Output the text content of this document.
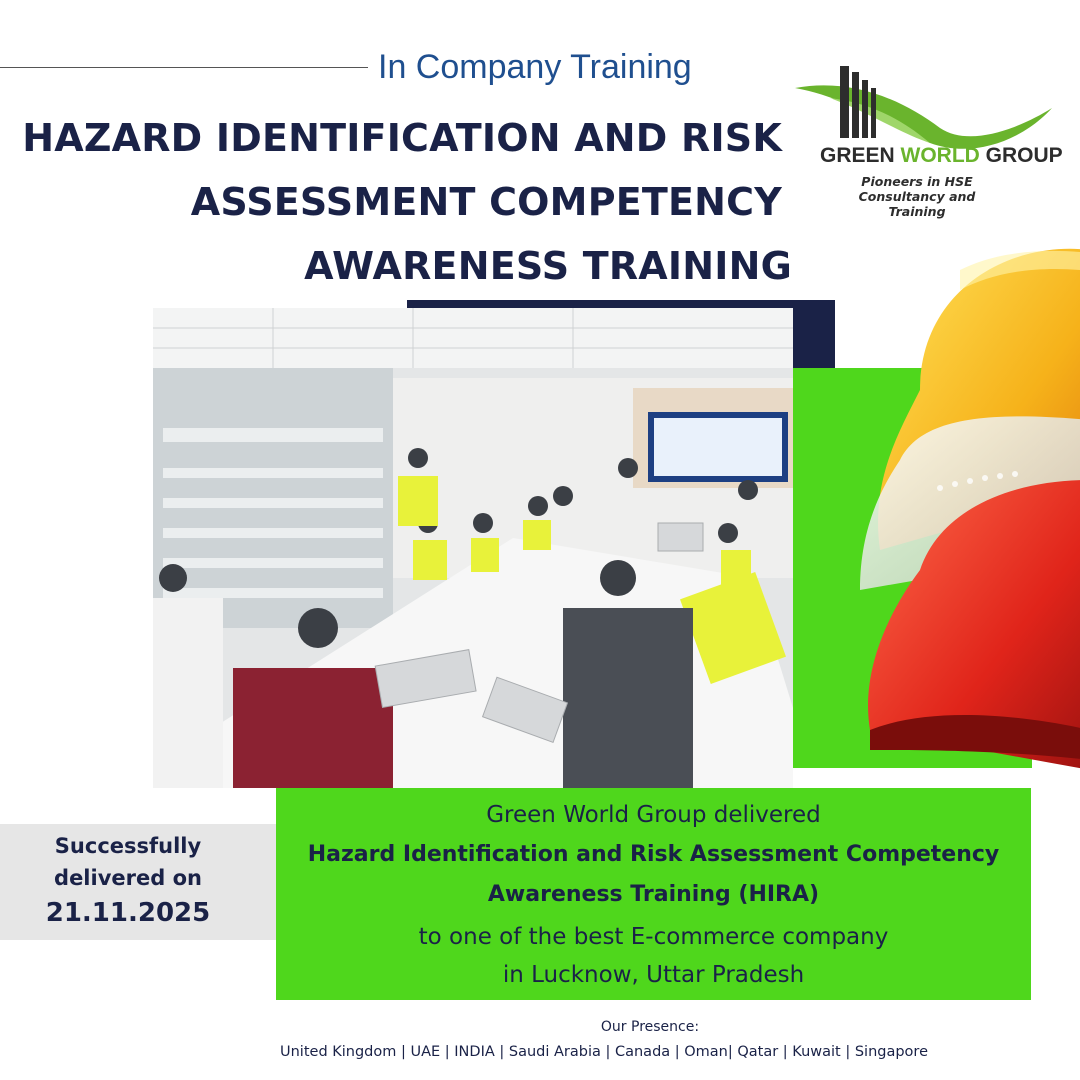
In Company Training
HAZARD IDENTIFICATION AND RISK
ASSESSMENT COMPETENCY
AWARENESS TRAINING
GREEN WORLD GROUP
Pioneers in HSE Consultancy and Training
Green World Group delivered
Hazard Identification and Risk Assessment Competency
Awareness Training (HIRA)
to one of the best E-commerce company
in Lucknow, Uttar Pradesh
Successfully
delivered on
21.11.2025
Our Presence:
United Kingdom | UAE | INDIA | Saudi Arabia | Canada | Oman| Qatar | Kuwait | Singapore
